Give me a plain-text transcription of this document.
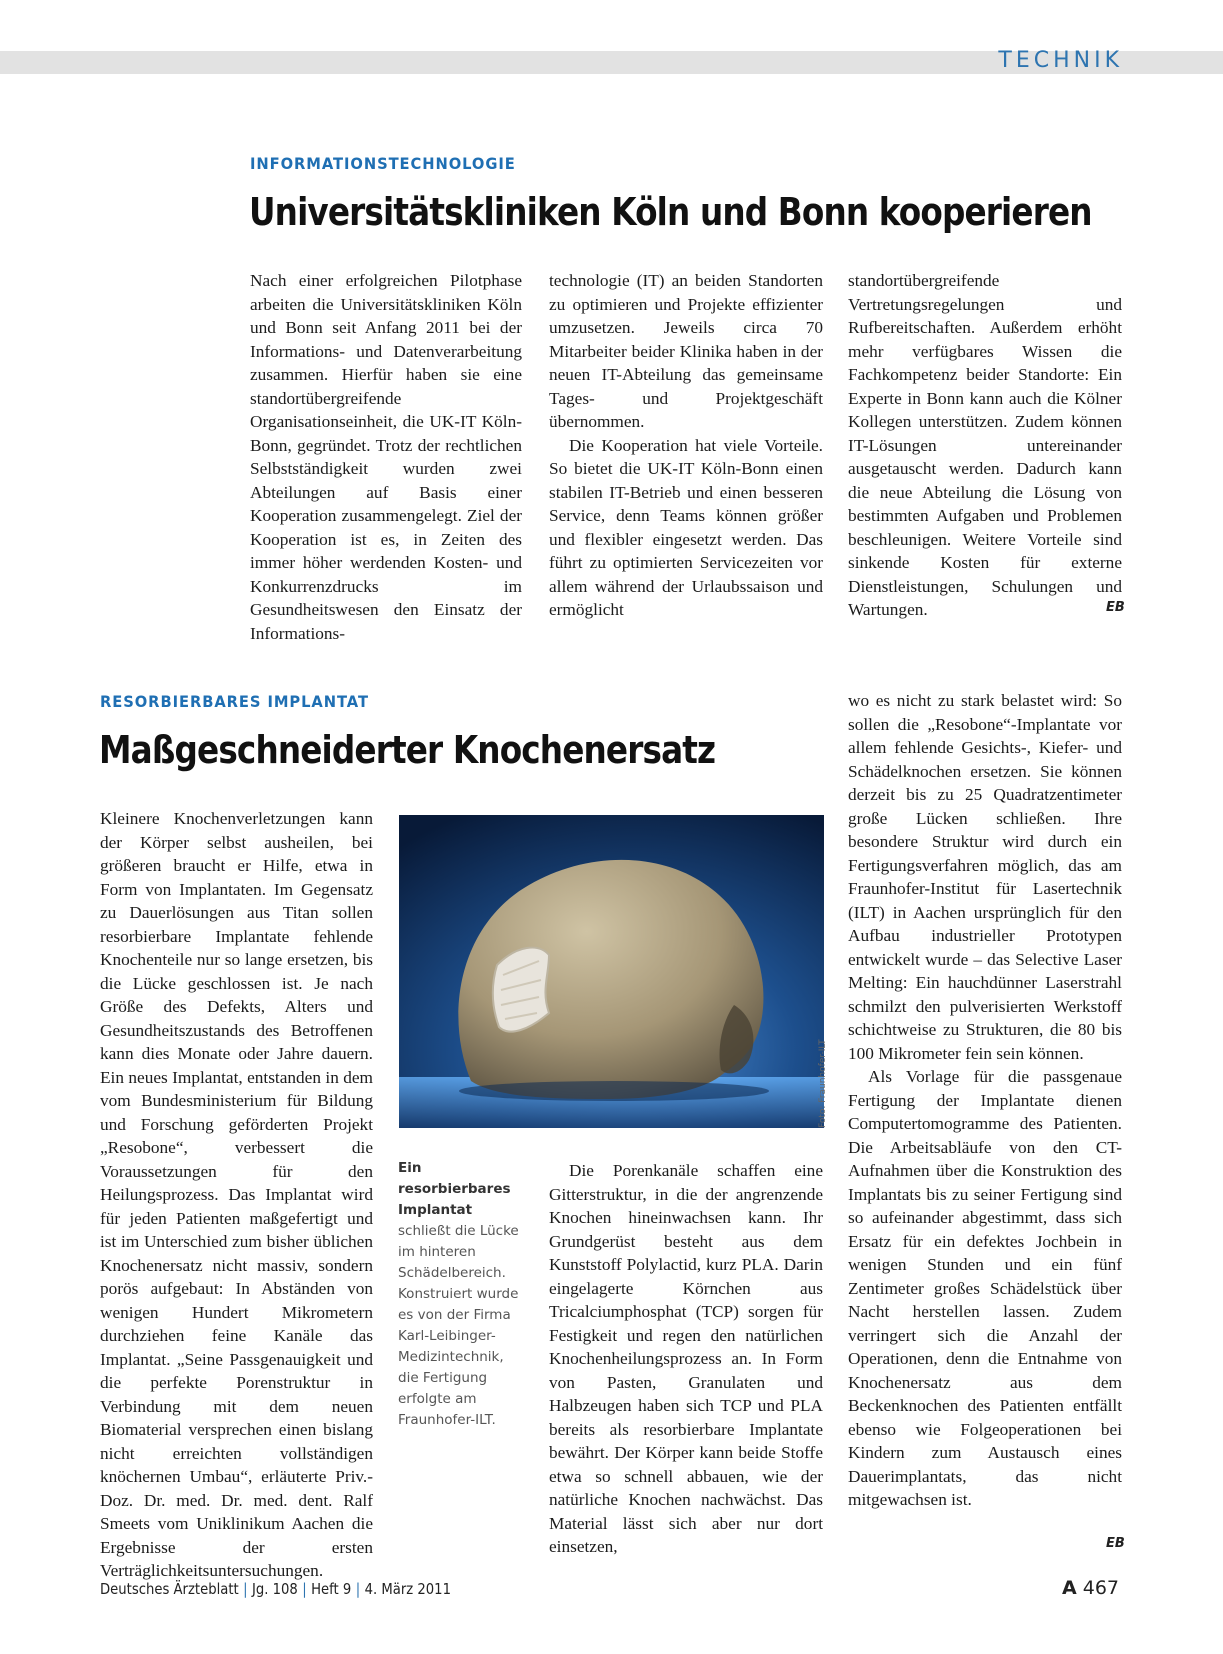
TECHNIK
INFORMATIONSTECHNOLOGIE
Universitätskliniken Köln und Bonn kooperieren

Nach einer erfolgreichen Pilotphase arbeiten die Universitätskliniken Köln und Bonn seit Anfang 2011 bei der Informations- und Datenverarbeitung zusammen. Hierfür haben sie eine standortübergreifende Organisationseinheit, die UK-IT Köln-Bonn, gegründet. Trotz der rechtlichen Selbstständigkeit wurden zwei Abteilungen auf Basis einer Kooperation zusammengelegt. Ziel der Kooperation ist es, in Zeiten des immer höher werdenden Kosten- und Konkurrenzdrucks im Gesundheitswesen den Einsatz der Informations-

technologie (IT) an beiden Standorten zu optimieren und Projekte effizienter umzusetzen. Jeweils circa 70 Mitarbeiter beider Klinika haben in der neuen IT-Abteilung das gemeinsame Tages- und Projektgeschäft übernommen.

Die Kooperation hat viele Vorteile. So bietet die UK-IT Köln-Bonn einen stabilen IT-Betrieb und einen besseren Service, denn Teams können größer und flexibler eingesetzt werden. Das führt zu optimierten Servicezeiten vor allem während der Urlaubssaison und ermöglicht

standortübergreifende Vertretungsregelungen und Rufbereitschaften. Außerdem erhöht mehr verfügbares Wissen die Fachkompetenz beider Standorte: Ein Experte in Bonn kann auch die Kölner Kollegen unterstützen. Zudem können IT-Lösungen untereinander ausgetauscht werden. Dadurch kann die neue Abteilung die Lösung von bestimmten Aufgaben und Problemen beschleunigen. Weitere Vorteile sind sinkende Kosten für externe Dienstleistungen, Schulungen und Wartungen.	EB
RESORBIERBARES IMPLANTAT
Maßgeschneiderter Knochenersatz

Kleinere Knochenverletzungen kann der Körper selbst ausheilen, bei größeren braucht er Hilfe, etwa in Form von Implantaten. Im Gegensatz zu Dauerlösungen aus Titan sollen resorbierbare Implantate fehlende Knochenteile nur so lange ersetzen, bis die Lücke geschlossen ist. Je nach Größe des Defekts, Alters und Gesundheitszustands des Betroffenen kann dies Monate oder Jahre dauern. Ein neues Implantat, entstanden in dem vom Bundesministerium für Bildung und Forschung geförderten Projekt „Resobone“, verbessert die Voraussetzungen für den Heilungsprozess. Das Implantat wird für jeden Patienten maßgefertigt und ist im Unterschied zum bisher üblichen Knochenersatz nicht massiv, sondern porös aufgebaut: In Abständen von wenigen Hundert Mikrometern durchziehen feine Kanäle das Implantat. „Seine Passgenauigkeit und die perfekte Porenstruktur in Verbindung mit dem neuen Biomaterial versprechen einen bislang nicht erreichten vollständigen knöchernen Umbau“, erläuterte Priv.-Doz. Dr. med. Dr. med. dent. Ralf Smeets vom Uniklinikum Aachen die Ergebnisse der ersten Verträglichkeitsuntersuchungen.

Foto: Fraunhofer-ILT
Ein resorbierbares Implantat schließt die Lücke im hinteren Schädelbereich. Konstruiert wurde es von der Firma Karl-Leibinger-Medizintechnik, die Fertigung erfolgte am Fraunhofer-ILT.

Die Porenkanäle schaffen eine Gitterstruktur, in die der angrenzende Knochen hineinwachsen kann. Ihr Grundgerüst besteht aus dem Kunststoff Polylactid, kurz PLA. Darin eingelagerte Körnchen aus Tricalciumphosphat (TCP) sorgen für Festigkeit und regen den natürlichen Knochenheilungsprozess an. In Form von Pasten, Granulaten und Halbzeugen haben sich TCP und PLA bereits als resorbierbare Implantate bewährt. Der Körper kann beide Stoffe etwa so schnell abbauen, wie der natürliche Knochen nachwächst. Das Material lässt sich aber nur dort einsetzen,

wo es nicht zu stark belastet wird: So sollen die „Resobone“-Implantate vor allem fehlende Gesichts-, Kiefer- und Schädelknochen ersetzen. Sie können derzeit bis zu 25 Quadratzentimeter große Lücken schließen. Ihre besondere Struktur wird durch ein Fertigungsverfahren möglich, das am Fraunhofer-Institut für Lasertechnik (ILT) in Aachen ursprünglich für den Aufbau industrieller Prototypen entwickelt wurde – das Selective Laser Melting: Ein hauchdünner Laserstrahl schmilzt den pulverisierten Werkstoff schichtweise zu Strukturen, die 80 bis 100 Mikrometer fein sein können.

Als Vorlage für die passgenaue Fertigung der Implantate dienen Computertomogramme des Patienten. Die Arbeitsabläufe von den CT-Aufnahmen über die Konstruktion des Implantats bis zu seiner Fertigung sind so aufeinander abgestimmt, dass sich Ersatz für ein defektes Jochbein in wenigen Stunden und ein fünf Zentimeter großes Schädelstück über Nacht herstellen lassen. Zudem verringert sich die Anzahl der Operationen, denn die Entnahme von Knochenersatz aus dem Beckenknochen des Patienten entfällt ebenso wie Folgeoperationen bei Kindern zum Austausch eines Dauerimplantats, das nicht mitgewachsen ist.

EB
Deutsches Ärzteblatt | Jg. 108 | Heft 9 | 4. März 2011	A 467
